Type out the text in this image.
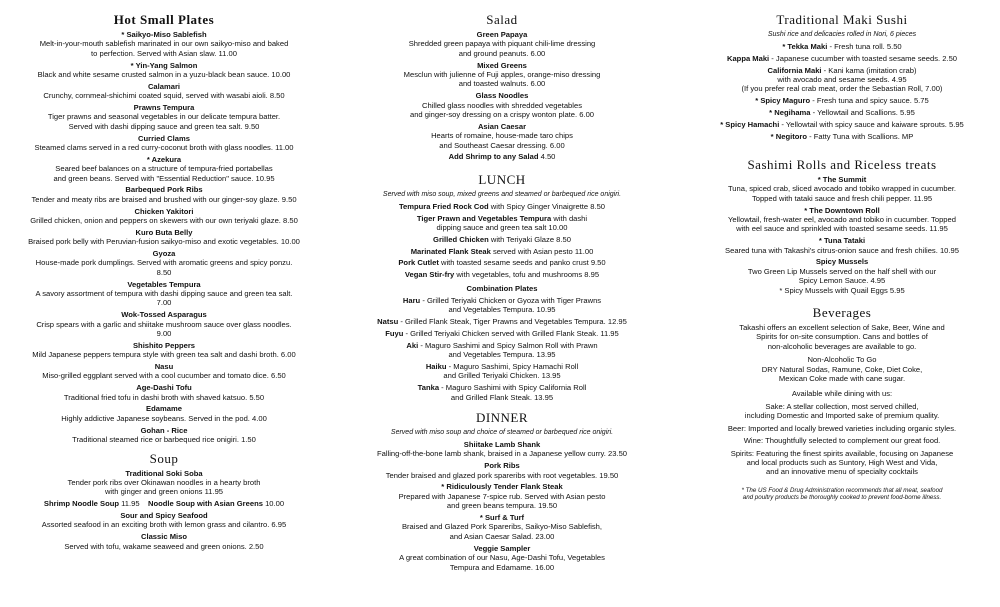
Hot Small Plates
* Saikyo-Miso Sablefish
Melt-in-your-mouth sablefish marinated in our own saikyo-miso and baked
to perfection. Served with Asian slaw. 11.00
* Yin-Yang Salmon
Black and white sesame crusted salmon in a yuzu-black bean sauce. 10.00
Calamari
Crunchy, cornmeal-shichimi coated squid, served with wasabi aioli. 8.50
Prawns Tempura
Tiger prawns and seasonal vegetables in our delicate tempura batter.
Served with dashi dipping sauce and green tea salt. 9.50
Curried Clams
Steamed clams served in a red curry-coconut broth with glass noodles. 11.00
* Azekura
Seared beef balances on a structure of tempura-fried portabellas
and green beans. Served with "Essential Reduction" sauce. 10.95
Barbequed Pork Ribs
Tender and meaty ribs are braised and brushed with our ginger-soy glaze. 9.50
Chicken Yakitori
Grilled chicken, onion and peppers on skewers with our own teriyaki glaze. 8.50
Kuro Buta Belly
Braised pork belly with Peruvian-fusion saikyo-miso and exotic vegetables. 10.00
Gyoza
House-made pork dumplings. Served with aromatic greens and spicy ponzu. 8.50
Vegetables Tempura
A savory assortment of tempura with dashi dipping sauce and green tea salt. 7.00
Wok-Tossed Asparagus
Crisp spears with a garlic and shiitake mushroom sauce over glass noodles. 9.00
Shishito Peppers
Mild Japanese peppers tempura style with green tea salt and dashi broth. 6.00
Nasu
Miso-grilled eggplant served with a cool cucumber and tomato dice. 6.50
Age-Dashi Tofu
Traditional fried tofu in dashi broth with shaved katsuo. 5.50
Edamame
Highly addictive Japanese soybeans. Served in the pod. 4.00
Gohan - Rice
Traditional steamed rice or barbequed rice onigiri. 1.50
Soup
Traditional Soki Soba
Tender pork ribs over Okinawan noodles in a hearty broth
with ginger and green onions 11.95
Shrimp Noodle Soup 11.95 Noodle Soup with Asian Greens 10.00
Sour and Spicy Seafood
Assorted seafood in an exciting broth with lemon grass and cilantro. 6.95
Classic Miso
Served with tofu, wakame seaweed and green onions. 2.50
Salad
Green Papaya
Shredded green papaya with piquant chili-lime dressing
and ground peanuts. 6.00
Mixed Greens
Mesclun with julienne of Fuji apples, orange-miso dressing
and toasted walnuts. 6.00
Glass Noodles
Chilled glass noodles with shredded vegetables
and ginger-soy dressing on a crispy wonton plate. 6.00
Asian Caesar
Hearts of romaine, house-made taro chips
and Southeast Caesar dressing. 6.00
Add Shrimp to any Salad 4.50
LUNCH
Served with miso soup, mixed greens and steamed or barbequed rice onigiri.
Tempura Fried Rock Cod with Spicy Ginger Vinaigrette 8.50
Tiger Prawn and Vegetables Tempura with dashi
dipping sauce and green tea salt 10.00
Grilled Chicken with Teriyaki Glaze 8.50
Marinated Flank Steak served with Asian pesto 11.00
Pork Cutlet with toasted sesame seeds and panko crust 9.50
Vegan Stir-fry with vegetables, tofu and mushrooms 8.95
Combination Plates
Haru - Grilled Teriyaki Chicken or Gyoza with Tiger Prawns
and Vegetables Tempura. 10.95
Natsu - Grilled Flank Steak, Tiger Prawns and Vegetables Tempura. 12.95
Fuyu - Grilled Teriyaki Chicken served with Grilled Flank Steak. 11.95
Aki - Maguro Sashimi and Spicy Salmon Roll with Prawn
and Vegetables Tempura. 13.95
Haiku - Maguro Sashimi, Spicy Hamachi Roll
and Grilled Teriyaki Chicken. 13.95
Tanka - Maguro Sashimi with Spicy California Roll
and Grilled Flank Steak. 13.95
DINNER
Served with miso soup and choice of steamed or barbequed rice onigiri.
Shiitake Lamb Shank
Falling-off-the-bone lamb shank, braised in a Japanese yellow curry. 23.50
Pork Ribs
Tender braised and glazed pork spareribs with root vegetables. 19.50
* Ridiculously Tender Flank Steak
Prepared with Japanese 7-spice rub. Served with Asian pesto
and green beans tempura. 19.50
* Surf & Turf
Braised and Glazed Pork Spareribs, Saikyo-Miso Sablefish,
and Asian Caesar Salad. 23.00
Veggie Sampler
A great combination of our Nasu, Age-Dashi Tofu, Vegetables
Tempura and Edamame. 16.00
Traditional Maki Sushi
Sushi rice and delicacies rolled in Nori, 6 pieces
* Tekka Maki - Fresh tuna roll. 5.50
Kappa Maki - Japanese cucumber with toasted sesame seeds. 2.50
California Maki - Kani kama (imitation crab)
with avocado and sesame seeds. 4.95
(If you prefer real crab meat, order the Sebastian Roll, 7.00)
* Spicy Maguro - Fresh tuna and spicy sauce. 5.75
* Negihama - Yellowtail and Scallions. 5.95
* Spicy Hamachi - Yellowtail with spicy sauce and kaiware sprouts. 5.95
* Negitoro - Fatty Tuna with Scallions. MP
Sashimi Rolls and Riceless treats
* The Summit
Tuna, spiced crab, sliced avocado and tobiko wrapped in cucumber.
Topped with tataki sauce and fresh chili pepper. 11.95
* The Downtown Roll
Yellowtail, fresh-water eel, avocado and tobiko in cucumber. Topped
with eel sauce and sprinkled with toasted sesame seeds. 11.95
* Tuna Tataki
Seared tuna with Takashi's citrus-onion sauce and fresh chilies. 10.95
Spicy Mussels
Two Green Lip Mussels served on the half shell with our
Spicy Lemon Sauce. 4.95
* Spicy Mussels with Quail Eggs 5.95
Beverages
Takashi offers an excellent selection of Sake, Beer, Wine and
Spirits for on-site consumption. Cans and bottles of
non-alcoholic beverages are available to go.
Non-Alcoholic To Go
DRY Natural Sodas, Ramune, Coke, Diet Coke,
Mexican Coke made with cane sugar.
Available while dining with us:
Sake: A stellar collection, most served chilled,
including Domestic and Imported sake of premium quality.
Beer: Imported and locally brewed varieties including organic styles.
Wine: Thoughtfully selected to complement our great food.
Spirits: Featuring the finest spirits available, focusing on Japanese
and local products such as Suntory, High West and Vida,
and an innovative menu of specialty cocktails
* The US Food & Drug Administration recommends that all meat, seafood
and poultry products be thoroughly cooked to prevent food-borne illness.
